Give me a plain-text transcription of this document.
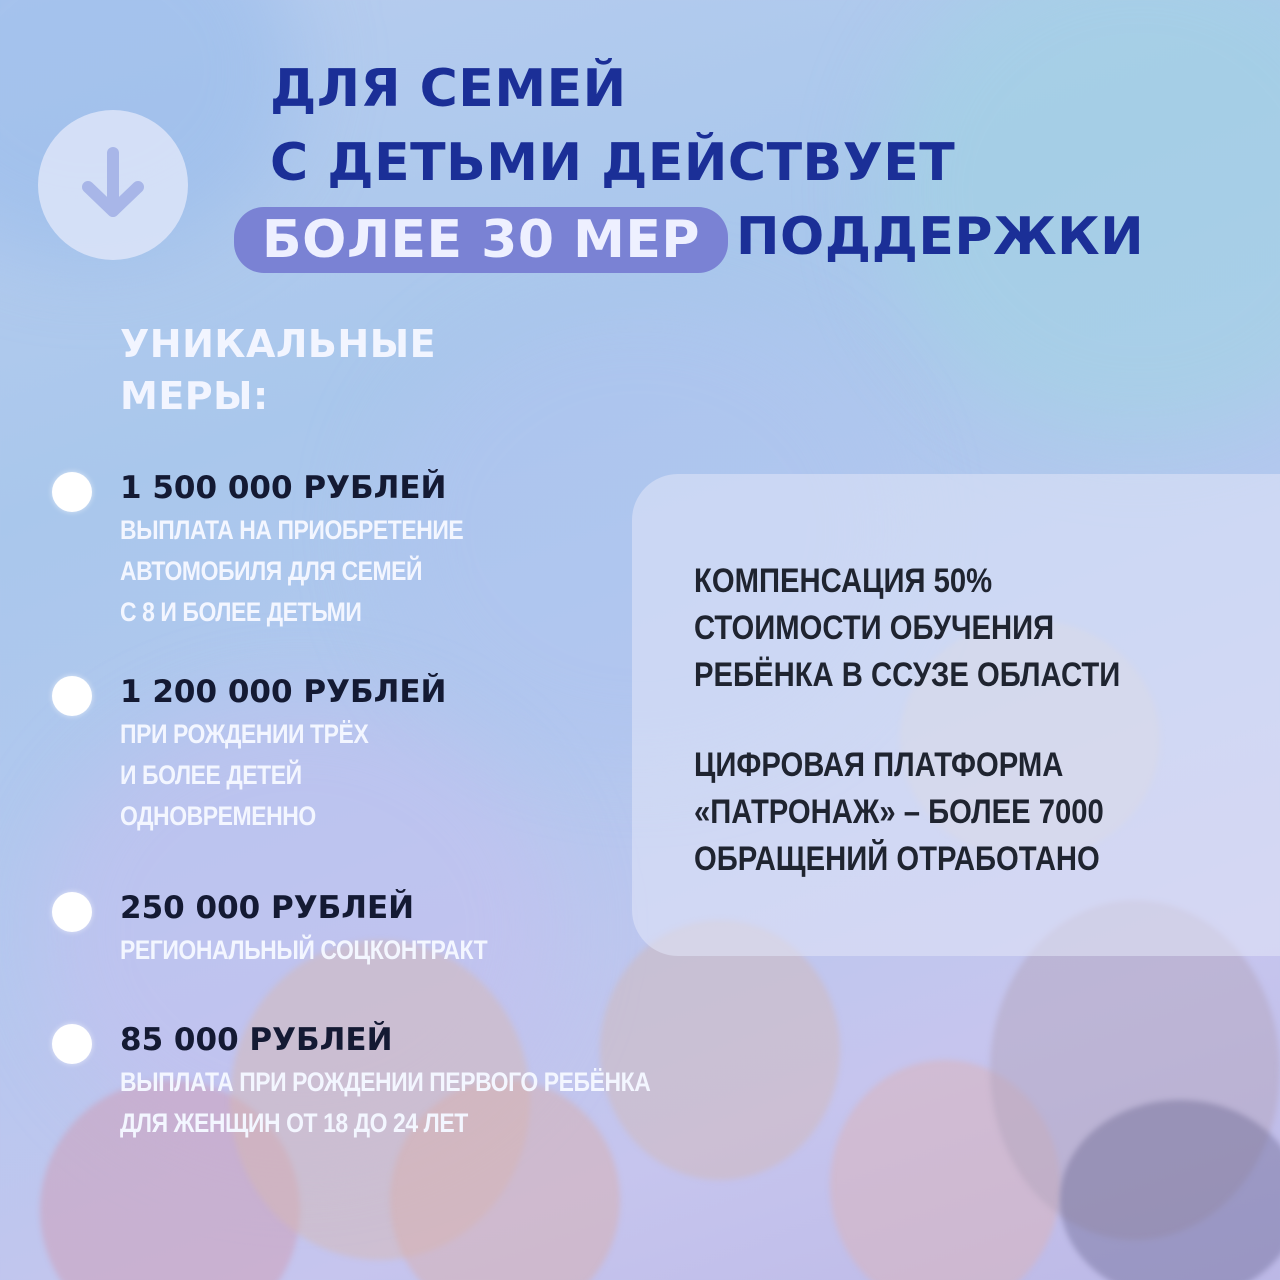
ДЛЯ СЕМЕЙ
С ДЕТЬМИ ДЕЙСТВУЕТ
БОЛЕЕ 30 МЕР ПОДДЕРЖКИ
УНИКАЛЬНЫЕ
МЕРЫ:
КОМПЕНСАЦИЯ 50%
СТОИМОСТИ ОБУЧЕНИЯ
РЕБЁНКА В ССУЗЕ ОБЛАСТИ
ЦИФРОВАЯ ПЛАТФОРМА
«ПАТРОНАЖ» – БОЛЕЕ 7000
ОБРАЩЕНИЙ ОТРАБОТАНО
1 500 000 РУБЛЕЙ
ВЫПЛАТА НА ПРИОБРЕТЕНИЕ
АВТОМОБИЛЯ ДЛЯ СЕМЕЙ
С 8 И БОЛЕЕ ДЕТЬМИ
1 200 000 РУБЛЕЙ
ПРИ РОЖДЕНИИ ТРЁХ
И БОЛЕЕ ДЕТЕЙ
ОДНОВРЕМЕННО
250 000 РУБЛЕЙ
РЕГИОНАЛЬНЫЙ СОЦКОНТРАКТ
85 000 РУБЛЕЙ
ВЫПЛАТА ПРИ РОЖДЕНИИ ПЕРВОГО РЕБЁНКА
ДЛЯ ЖЕНЩИН ОТ 18 ДО 24 ЛЕТ
